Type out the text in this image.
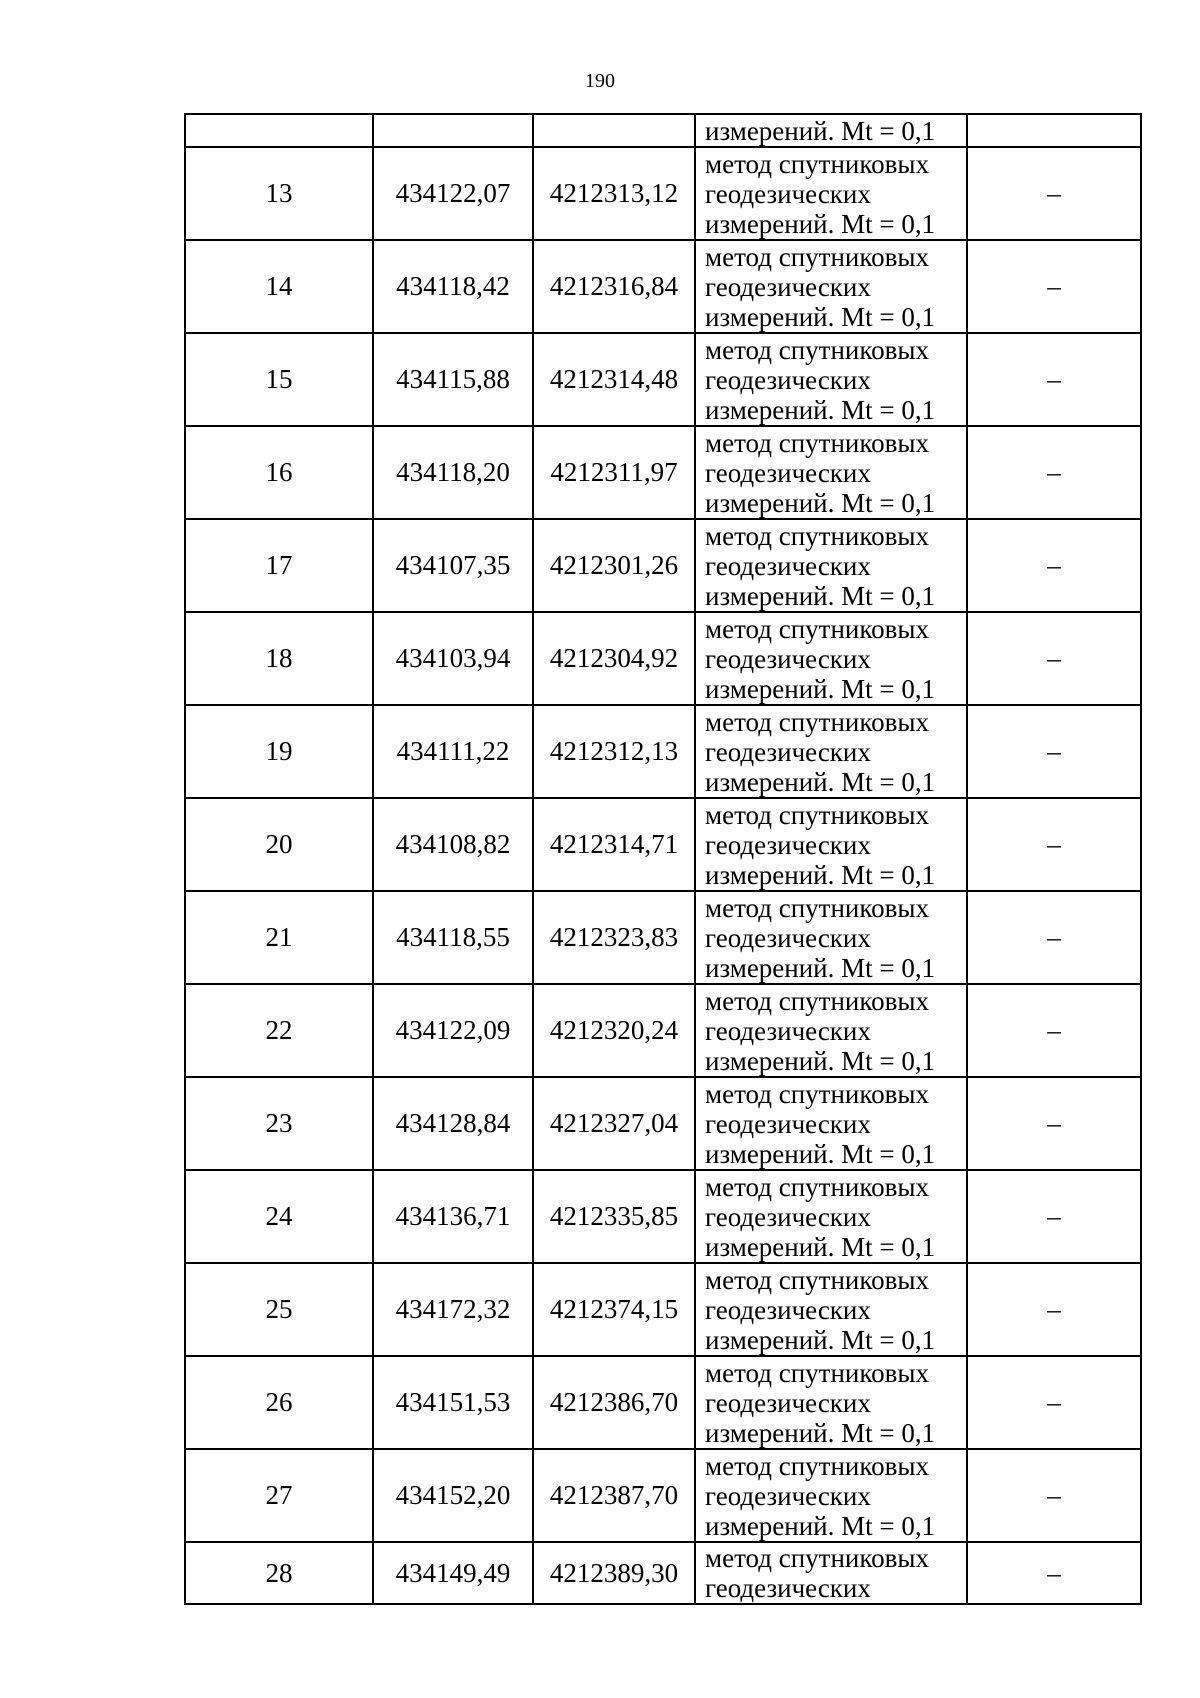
190

			измерений. Mt = 0,1	

13	434122,07	4212313,12	метод спутниковых
геодезических
измерений. Mt = 0,1	–
14	434118,42	4212316,84	метод спутниковых
геодезических
измерений. Mt = 0,1	–
15	434115,88	4212314,48	метод спутниковых
геодезических
измерений. Mt = 0,1	–
16	434118,20	4212311,97	метод спутниковых
геодезических
измерений. Mt = 0,1	–
17	434107,35	4212301,26	метод спутниковых
геодезических
измерений. Mt = 0,1	–
18	434103,94	4212304,92	метод спутниковых
геодезических
измерений. Mt = 0,1	–
19	434111,22	4212312,13	метод спутниковых
геодезических
измерений. Mt = 0,1	–
20	434108,82	4212314,71	метод спутниковых
геодезических
измерений. Mt = 0,1	–
21	434118,55	4212323,83	метод спутниковых
геодезических
измерений. Mt = 0,1	–
22	434122,09	4212320,24	метод спутниковых
геодезических
измерений. Mt = 0,1	–
23	434128,84	4212327,04	метод спутниковых
геодезических
измерений. Mt = 0,1	–
24	434136,71	4212335,85	метод спутниковых
геодезических
измерений. Mt = 0,1	–
25	434172,32	4212374,15	метод спутниковых
геодезических
измерений. Mt = 0,1	–
26	434151,53	4212386,70	метод спутниковых
геодезических
измерений. Mt = 0,1	–
27	434152,20	4212387,70	метод спутниковых
геодезических
измерений. Mt = 0,1	–
28	434149,49	4212389,30	метод спутниковых
геодезических	–
